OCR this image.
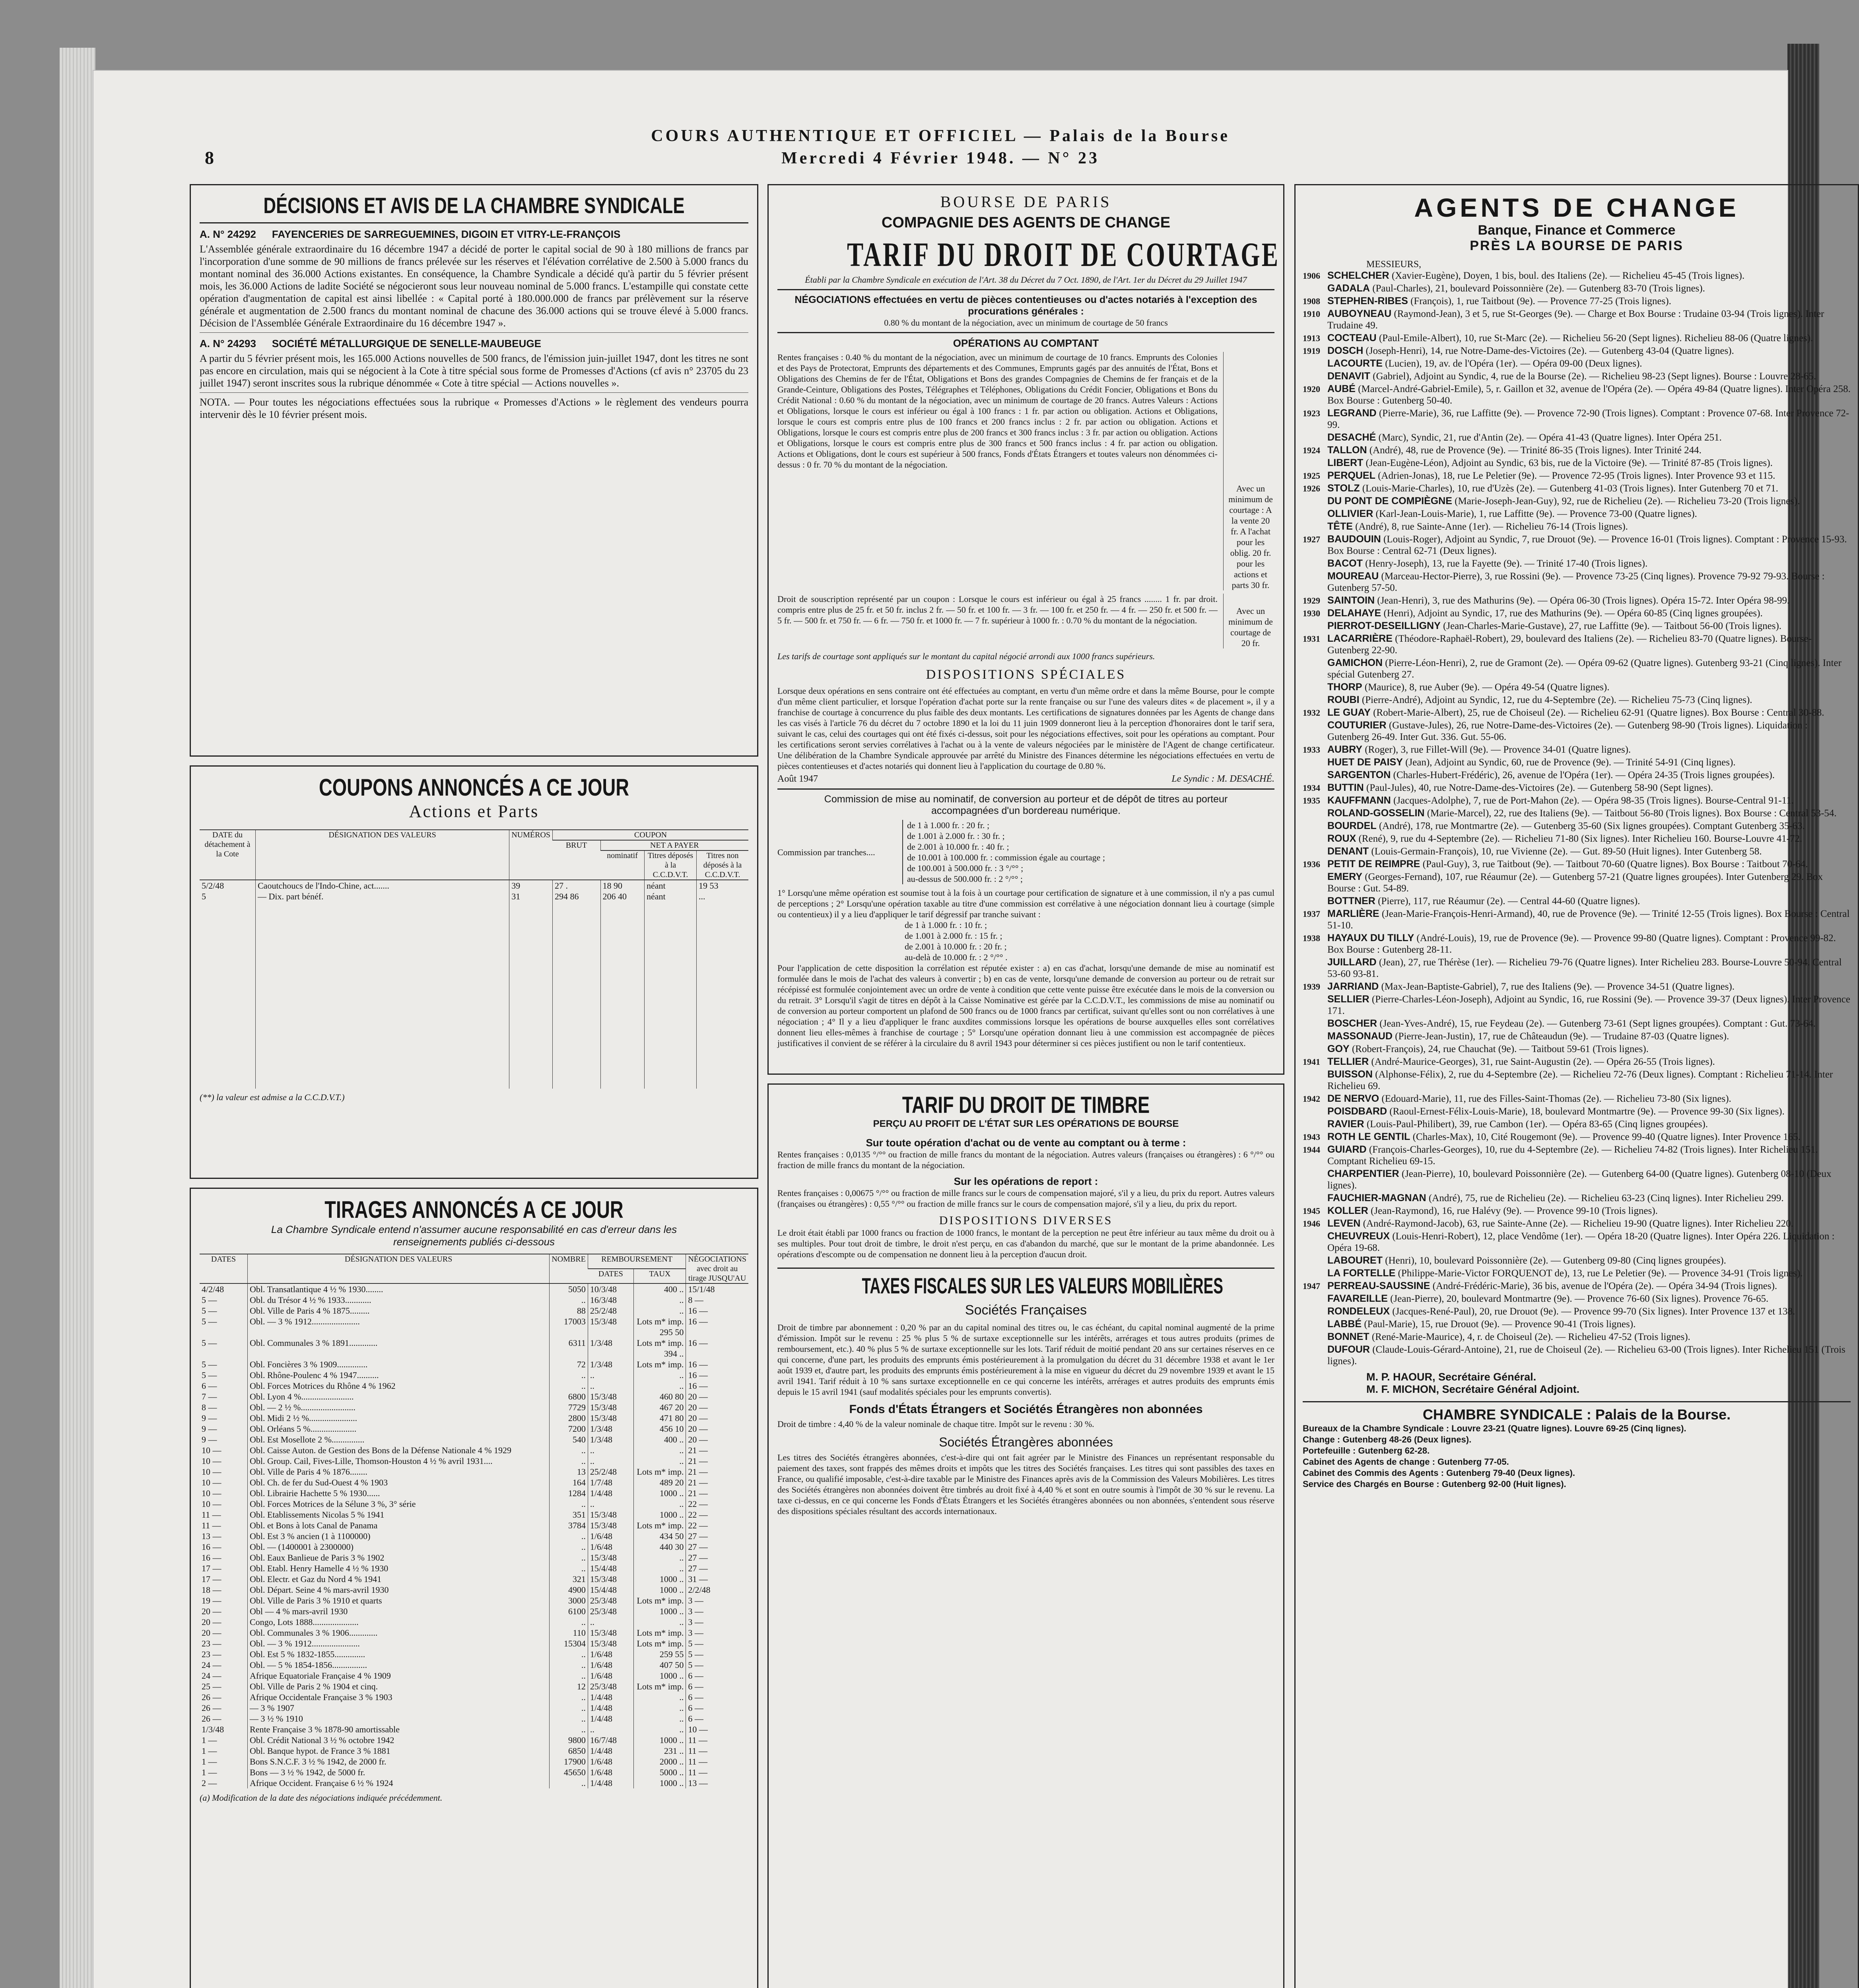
8
COURS AUTHENTIQUE ET OFFICIEL — Palais de la Bourse
Mercredi 4 Février 1948. — N° 23
DÉCISIONS ET AVIS DE LA CHAMBRE SYNDICALE
A. N° 24292 FAYENCERIES DE SARREGUEMINES, DIGOIN ET VITRY-LE-FRANÇOIS
L'Assemblée générale extraordinaire du 16 décembre 1947 a décidé de porter le capital social de 90 à 180 millions de francs par l'incorporation d'une somme de 90 millions de francs prélevée sur les réserves et l'élévation corrélative de 2.500 à 5.000 francs du montant nominal des 36.000 Actions existantes. En conséquence, la Chambre Syndicale a décidé qu'à partir du 5 février présent mois, les 36.000 Actions de ladite Société se négocieront sous leur nouveau nominal de 5.000 francs. L'estampille qui constate cette opération d'augmentation de capital est ainsi libellée : « Capital porté à 180.000.000 de francs par prélèvement sur la réserve générale et augmentation de 2.500 francs du montant nominal de chacune des 36.000 actions qui se trouve élevé à 5.000 francs. Décision de l'Assemblée Générale Extraordinaire du 16 décembre 1947 ».
A. N° 24293 SOCIÉTÉ MÉTALLURGIQUE DE SENELLE-MAUBEUGE
A partir du 5 février présent mois, les 165.000 Actions nouvelles de 500 francs, de l'émission juin-juillet 1947, dont les titres ne sont pas encore en circulation, mais qui se négocient à la Cote à titre spécial sous forme de Promesses d'Actions (cf avis n° 23705 du 23 juillet 1947) seront inscrites sous la rubrique dénommée « Cote à titre spécial — Actions nouvelles ».
NOTA. — Pour toutes les négociations effectuées sous la rubrique « Promesses d'Actions » le règlement des vendeurs pourra intervenir dès le 10 février présent mois.
COUPONS ANNONCÉS A CE JOUR
Actions et Parts
DATE du détachement à la Cote	DÉSIGNATION DES VALEURS	NUMÉROS	COUPON			
			BRUT	NET A PAYER		
				nominatif	Titres déposés à la C.C.D.V.T.	Titres non déposés à la C.C.D.V.T.
5/2/48	Caoutchoucs de l'Indo-Chine, act.......	39	27 .	18 90	néant	19 53
5	— Dix. part bénéf.	31	294 86	206 40	néant	...

(**) la valeur est admise a la C.C.D.V.T.)
TIRAGES ANNONCÉS A CE JOUR
La Chambre Syndicale entend n'assumer aucune responsabilité en cas d'erreur dans les renseignements publiés ci-dessous
DATES	DÉSIGNATION DES VALEURS	NOMBRE	REMBOURSEMENT		NÉGOCIATIONS avec droit au tirage JUSQU'AU
			DATES	TAUX	
4/2/48	Obl. Transatlantique 4 ½ % 1930........	5050	10/3/48	400 ..	15/1/48
5 —	Obl. du Trésor 4 ½ % 1933............	..	16/3/48	..	8 —
5 —	Obl. Ville de Paris 4 % 1875.........	88	25/2/48	..	16 —
5 —	Obl. — 3 % 1912......................	17003	15/3/48	Lots m* imp. 295 50	16 —
5 —	Obl. Communales 3 % 1891.............	6311	1/3/48	Lots m* imp. 394 ..	16 —
5 —	Obl. Foncières 3 % 1909..............	72	1/3/48	Lots m* imp.	16 —
5 —	Obl. Rhône-Poulenc 4 % 1947..........	..	..	..	16 —
6 —	Obl. Forces Motrices du Rhône 4 % 1962	..	..	..	16 —
7 —	Obl. Lyon 4 %........................	6800	15/3/48	460 80	20 —
8 —	Obl. — 2 ½ %.........................	7729	15/3/48	467 20	20 —
9 —	Obl. Midi 2 ½ %......................	2800	15/3/48	471 80	20 —
9 —	Obl. Orléans 5 %.....................	7200	1/3/48	456 10	20 —
9 —	Obl. Est Mosellote 2 %...............	540	1/3/48	400 ..	20 —
10 —	Obl. Caisse Auton. de Gestion des Bons de la Défense Nationale 4 % 1929	..	..	..	21 —
10 —	Obl. Group. Cail, Fives-Lille, Thomson-Houston 4 ½ % avril 1931....	..	..	..	21 —
10 —	Obl. Ville de Paris 4 % 1876........	13	25/2/48	Lots m* imp.	21 —
10 —	Obl. Ch. de fer du Sud-Ouest 4 % 1903	164	1/7/48	489 20	21 —
10 —	Obl. Librairie Hachette 5 % 1930......	1284	1/4/48	1000 ..	21 —
10 —	Obl. Forces Motrices de la Sélune 3 %, 3° série	..	..	..	22 —
11 —	Obl. Etablissements Nicolas 5 % 1941	351	15/3/48	1000 ..	22 —
11 —	Obl. et Bons à lots Canal de Panama	3784	15/3/48	Lots m* imp.	22 —
13 —	Obl. Est 3 % ancien (1 à 1100000)	..	1/6/48	434 50	27 —
16 —	Obl. — (1400001 à 2300000)	..	1/6/48	440 30	27 —
16 —	Obl. Eaux Banlieue de Paris 3 % 1902	..	15/3/48	..	27 —
17 —	Obl. Etabl. Henry Hamelle 4 ½ % 1930	..	15/4/48	..	27 —
17 —	Obl. Electr. et Gaz du Nord 4 % 1941	321	15/3/48	1000 ..	31 —
18 —	Obl. Départ. Seine 4 % mars-avril 1930	4900	15/4/48	1000 ..	2/2/48
19 —	Obl. Ville de Paris 3 % 1910 et quarts	3000	25/3/48	Lots m* imp.	3 —
20 —	Obl — 4 % mars-avril 1930	6100	25/3/48	1000 ..	3 —
20 —	Congo, Lots 1888.....................	..	..	..	3 —
20 —	Obl. Communales 3 % 1906.............	110	15/3/48	Lots m* imp.	3 —
23 —	Obl. — 3 % 1912......................	15304	15/3/48	Lots m* imp.	5 —
23 —	Obl. Est 5 % 1832-1855..............	..	1/6/48	259 55	5 —
24 —	Obl. — 5 % 1854-1856................	..	1/6/48	407 50	5 —
24 —	Afrique Equatoriale Française 4 % 1909	..	1/6/48	1000 ..	6 —
25 —	Obl. Ville de Paris 2 % 1904 et cinq.	12	25/3/48	Lots m* imp.	6 —
26 —	Afrique Occidentale Française 3 % 1903	..	1/4/48	..	6 —
26 —	— 3 % 1907	..	1/4/48	..	6 —
26 —	— 3 ½ % 1910	..	1/4/48	..	6 —
1/3/48	Rente Française 3 % 1878-90 amortissable	..	..	..	10 —
1 —	Obl. Crédit National 3 ½ % octobre 1942	9800	16/7/48	1000 ..	11 —
1 —	Obl. Banque hypot. de France 3 % 1881	6850	1/4/48	231 ..	11 —
1 —	Bons S.N.C.F. 3 ½ % 1942, de 2000 fr.	17900	1/6/48	2000 ..	11 —
1 —	Bons — 3 ½ % 1942, de 5000 fr.	45650	1/6/48	5000 ..	11 —
2 —	Afrique Occident. Française 6 ½ % 1924	..	1/4/48	1000 ..	13 —
(a) Modification de la date des négociations indiquée précédemment.
BOURSE DE PARIS
COMPAGNIE DES AGENTS DE CHANGE
TARIF DU DROIT DE COURTAGE
Établi par la Chambre Syndicale en exécution de l'Art. 38 du Décret du 7 Oct. 1890, de l'Art. 1er du Décret du 29 Juillet 1947
NÉGOCIATIONS effectuées en vertu de pièces contentieuses ou d'actes notariés à l'exception des procurations générales :
0.80 % du montant de la négociation, avec un minimum de courtage de 50 francs
OPÉRATIONS AU COMPTANT
Rentes françaises : 0.40 % du montant de la négociation, avec un minimum de courtage de 10 francs. Emprunts des Colonies et des Pays de Protectorat, Emprunts des départements et des Communes, Emprunts gagés par des annuités de l'État, Bons et Obligations des Chemins de fer de l'État, Obligations et Bons des grandes Compagnies de Chemins de fer français et de la Grande-Ceinture, Obligations des Postes, Télégraphes et Téléphones, Obligations du Crédit Foncier, Obligations et Bons du Crédit National : 0.60 % du montant de la négociation, avec un minimum de courtage de 20 francs. Autres Valeurs : Actions et Obligations, lorsque le cours est inférieur ou égal à 100 francs : 1 fr. par action ou obligation. Actions et Obligations, lorsque le cours est compris entre plus de 100 francs et 200 francs inclus : 2 fr. par action ou obligation. Actions et Obligations, lorsque le cours est compris entre plus de 200 francs et 300 francs inclus : 3 fr. par action ou obligation. Actions et Obligations, lorsque le cours est compris entre plus de 300 francs et 500 francs inclus : 4 fr. par action ou obligation. Actions et Obligations, dont le cours est supérieur à 500 francs, Fonds d'États Étrangers et toutes valeurs non dénommées ci-dessus : 0 fr. 70 % du montant de la négociation.
Avec un minimum de courtage : A la vente 20 fr. A l'achat pour les oblig. 20 fr. pour les actions et parts 30 fr.
Droit de souscription représenté par un coupon : Lorsque le cours est inférieur ou égal à 25 francs ........ 1 fr. par droit. compris entre plus de 25 fr. et 50 fr. inclus 2 fr. — 50 fr. et 100 fr. — 3 fr. — 100 fr. et 250 fr. — 4 fr. — 250 fr. et 500 fr. — 5 fr. — 500 fr. et 750 fr. — 6 fr. — 750 fr. et 1000 fr. — 7 fr. supérieur à 1000 fr. : 0.70 % du montant de la négociation.
Avec un minimum de courtage de 20 fr.
Les tarifs de courtage sont appliqués sur le montant du capital négocié arrondi aux 1000 francs supérieurs.
DISPOSITIONS SPÉCIALES
Lorsque deux opérations en sens contraire ont été effectuées au comptant, en vertu d'un même ordre et dans la même Bourse, pour le compte d'un même client particulier, et lorsque l'opération d'achat porte sur la rente française ou sur l'une des valeurs dites « de placement », il y a franchise de courtage à concurrence du plus faible des deux montants. Les certifications de signatures données par les Agents de change dans les cas visés à l'article 76 du décret du 7 octobre 1890 et la loi du 11 juin 1909 donneront lieu à la perception d'honoraires dont le tarif sera, suivant le cas, celui des courtages qui ont été fixés ci-dessus, soit pour les négociations effectives, soit pour les opérations au comptant. Pour les certifications seront servies corrélatives à l'achat ou à la vente de valeurs négociées par le ministère de l'Agent de change certificateur. Une délibération de la Chambre Syndicale approuvée par arrêté du Ministre des Finances détermine les négociations effectuées en vertu de pièces contentieuses et d'actes notariés qui donnent lieu à l'application du courtage de 0.80 %.
Août 1947	Le Syndic : M. DESACHÉ.
Commission de mise au nominatif, de conversion au porteur et de dépôt de titres au porteur accompagnées d'un bordereau numérique.
Commission par tranches....
de 1 à 1.000 fr. : 20 fr. ;
de 1.001 à 2.000 fr. : 30 fr. ;
de 2.001 à 10.000 fr. : 40 fr. ;
de 10.001 à 100.000 fr. : commission égale au courtage ;
de 100.001 à 500.000 fr. : 3 °/°° ;
au-dessus de 500.000 fr. : 2 °/°° ;
1° Lorsqu'une même opération est soumise tout à la fois à un courtage pour certification de signature et à une commission, il n'y a pas cumul de perceptions ; 2° Lorsqu'une opération taxable au titre d'une commission est corrélative à une négociation donnant lieu à courtage (simple ou contentieux) il y a lieu d'appliquer le tarif dégressif par tranche suivant :
de 1 à 1.000 fr. : 10 fr. ;
de 1.001 à 2.000 fr. : 15 fr. ;
de 2.001 à 10.000 fr. : 20 fr. ;
au-delà de 10.000 fr. : 2 °/°° .
Pour l'application de cette disposition la corrélation est réputée exister : a) en cas d'achat, lorsqu'une demande de mise au nominatif est formulée dans le mois de l'achat des valeurs à convertir ; b) en cas de vente, lorsqu'une demande de conversion au porteur ou de retrait sur récépissé est formulée conjointement avec un ordre de vente à condition que cette vente puisse être exécutée dans le mois de la conversion ou du retrait. 3° Lorsqu'il s'agit de titres en dépôt à la Caisse Nominative est gérée par la C.C.D.V.T., les commissions de mise au nominatif ou de conversion au porteur comportent un plafond de 500 francs ou de 1000 francs par certificat, suivant qu'elles sont ou non corrélatives à une négociation ; 4° Il y a lieu d'appliquer le franc auxdites commissions lorsque les opérations de bourse auxquelles elles sont corrélatives donnent lieu elles-mêmes à franchise de courtage ; 5° Lorsqu'une opération donnant lieu à une commission est accompagnée de pièces justificatives il convient de se référer à la circulaire du 8 avril 1943 pour déterminer si ces pièces justifient ou non le tarif contentieux.
TARIF DU DROIT DE TIMBRE
PERÇU AU PROFIT DE L'ÉTAT SUR LES OPÉRATIONS DE BOURSE
Sur toute opération d'achat ou de vente au comptant ou à terme :
Rentes françaises : 0,0135 °/°° ou fraction de mille francs du montant de la négociation. Autres valeurs (françaises ou étrangères) : 6 °/°° ou fraction de mille francs du montant de la négociation.
Sur les opérations de report :
Rentes françaises : 0,00675 °/°° ou fraction de mille francs sur le cours de compensation majoré, s'il y a lieu, du prix du report. Autres valeurs (françaises ou étrangères) : 0,55 °/°° ou fraction de mille francs sur le cours de compensation majoré, s'il y a lieu, du prix du report.
DISPOSITIONS DIVERSES
Le droit était établi par 1000 francs ou fraction de 1000 francs, le montant de la perception ne peut être inférieur au taux même du droit ou à ses multiples. Pour tout droit de timbre, le droit n'est perçu, en cas d'abandon du marché, que sur le montant de la prime abandonnée. Les opérations d'escompte ou de compensation ne donnent lieu à la perception d'aucun droit.
TAXES FISCALES SUR LES VALEURS MOBILIÈRES
Sociétés Françaises
Droit de timbre par abonnement : 0,20 % par an du capital nominal des titres ou, le cas échéant, du capital nominal augmenté de la prime d'émission. Impôt sur le revenu : 25 % plus 5 % de surtaxe exceptionnelle sur les intérêts, arrérages et tous autres produits (primes de remboursement, etc.). 40 % plus 5 % de surtaxe exceptionnelle sur les lots. Tarif réduit de moitié pendant 20 ans sur certaines réserves en ce qui concerne, d'une part, les produits des emprunts émis postérieurement à la promulgation du décret du 31 décembre 1938 et avant le 1er août 1939 et, d'autre part, les produits des emprunts émis postérieurement à la mise en vigueur du décret du 29 novembre 1939 et avant le 15 avril 1941. Tarif réduit à 10 % sans surtaxe exceptionnelle en ce qui concerne les intérêts, arrérages et autres produits des emprunts émis depuis le 15 avril 1941 (sauf modalités spéciales pour les emprunts convertis).
Fonds d'États Étrangers et Sociétés Étrangères non abonnées
Droit de timbre : 4,40 % de la valeur nominale de chaque titre. Impôt sur le revenu : 30 %.
Sociétés Étrangères abonnées
Les titres des Sociétés étrangères abonnées, c'est-à-dire qui ont fait agréer par le Ministre des Finances un représentant responsable du paiement des taxes, sont frappés des mêmes droits et impôts que les titres des Sociétés françaises. Les titres qui sont passibles des taxes en France, ou qualifié imposable, c'est-à-dire taxable par le Ministre des Finances après avis de la Commission des Valeurs Mobilières. Les titres des Sociétés étrangères non abonnées doivent être timbrés au droit fixé à 4,40 % et sont en outre soumis à l'impôt de 30 % sur le revenu. La taxe ci-dessus, en ce qui concerne les Fonds d'États Étrangers et les Sociétés étrangères abonnées ou non abonnées, s'entendent sous réserve des dispositions spéciales résultant des accords internationaux.
AGENTS DE CHANGE
Banque, Finance et Commerce
PRÈS LA BOURSE DE PARIS
MESSIEURS,
1906 SCHELCHER (Xavier-Eugène), Doyen, 1 bis, boul. des Italiens (2e). — Richelieu 45-45 (Trois lignes).
GADALA (Paul-Charles), 21, boulevard Poissonnière (2e). — Gutenberg 83-70 (Trois lignes).
1908 STEPHEN-RIBES (François), 1, rue Taitbout (9e). — Provence 77-25 (Trois lignes).
1910 AUBOYNEAU (Raymond-Jean), 3 et 5, rue St-Georges (9e). — Charge et Box Bourse : Trudaine 03-94 (Trois lignes). Inter Trudaine 49.
1913 COCTEAU (Paul-Emile-Albert), 10, rue St-Marc (2e). — Richelieu 56-20 (Sept lignes). Richelieu 88-06 (Quatre lignes).
1919 DOSCH (Joseph-Henri), 14, rue Notre-Dame-des-Victoires (2e). — Gutenberg 43-04 (Quatre lignes).
LACOURTE (Lucien), 19, av. de l'Opéra (1er). — Opéra 09-00 (Deux lignes).
DENAVIT (Gabriel), Adjoint au Syndic, 4, rue de la Bourse (2e). — Richelieu 98-23 (Sept lignes). Bourse : Louvre 28-65.
1920 AUBÉ (Marcel-André-Gabriel-Emile), 5, r. Gaillon et 32, avenue de l'Opéra (2e). — Opéra 49-84 (Quatre lignes). Inter Opéra 258. Box Bourse : Gutenberg 50-40.
1923 LEGRAND (Pierre-Marie), 36, rue Laffitte (9e). — Provence 72-90 (Trois lignes). Comptant : Provence 07-68. Inter Provence 72-99.
DESACHÉ (Marc), Syndic, 21, rue d'Antin (2e). — Opéra 41-43 (Quatre lignes). Inter Opéra 251.
1924 TALLON (André), 48, rue de Provence (9e). — Trinité 86-35 (Trois lignes). Inter Trinité 244.
LIBERT (Jean-Eugène-Léon), Adjoint au Syndic, 63 bis, rue de la Victoire (9e). — Trinité 87-85 (Trois lignes).
1925 PERQUEL (Adrien-Jonas), 18, rue Le Peletier (9e). — Provence 72-95 (Trois lignes). Inter Provence 93 et 115.
1926 STOLZ (Louis-Marie-Charles), 10, rue d'Uzès (2e). — Gutenberg 41-03 (Trois lignes). Inter Gutenberg 70 et 71.
DU PONT DE COMPIÈGNE (Marie-Joseph-Jean-Guy), 92, rue de Richelieu (2e). — Richelieu 73-20 (Trois lignes).
OLLIVIER (Karl-Jean-Louis-Marie), 1, rue Laffitte (9e). — Provence 73-00 (Quatre lignes).
TÊTE (André), 8, rue Sainte-Anne (1er). — Richelieu 76-14 (Trois lignes).
1927 BAUDOUIN (Louis-Roger), Adjoint au Syndic, 7, rue Drouot (9e). — Provence 16-01 (Trois lignes). Comptant : Provence 15-93. Box Bourse : Central 62-71 (Deux lignes).
BACOT (Henry-Joseph), 13, rue la Fayette (9e). — Trinité 17-40 (Trois lignes).
MOUREAU (Marceau-Hector-Pierre), 3, rue Rossini (9e). — Provence 73-25 (Cinq lignes). Provence 79-92 79-93. Bourse : Gutenberg 57-50.
1929 SAINTOIN (Jean-Henri), 3, rue des Mathurins (9e). — Opéra 06-30 (Trois lignes). Opéra 15-72. Inter Opéra 98-99.
1930 DELAHAYE (Henri), Adjoint au Syndic, 17, rue des Mathurins (9e). — Opéra 60-85 (Cinq lignes groupées).
PIERROT-DESEILLIGNY (Jean-Charles-Marie-Gustave), 27, rue Laffitte (9e). — Taitbout 56-00 (Trois lignes).
1931 LACARRIÈRE (Théodore-Raphaël-Robert), 29, boulevard des Italiens (2e). — Richelieu 83-70 (Quatre lignes). Bourse-Gutenberg 22-90.
GAMICHON (Pierre-Léon-Henri), 2, rue de Gramont (2e). — Opéra 09-62 (Quatre lignes). Gutenberg 93-21 (Cinq lignes). Inter spécial Gutenberg 27.
THORP (Maurice), 8, rue Auber (9e). — Opéra 49-54 (Quatre lignes).
ROUBI (Pierre-André), Adjoint au Syndic, 12, rue du 4-Septembre (2e). — Richelieu 75-73 (Cinq lignes).
1932 LE GUAY (Robert-Marie-Albert), 25, rue de Choiseul (2e). — Richelieu 62-91 (Quatre lignes). Box Bourse : Central 30-88.
COUTURIER (Gustave-Jules), 26, rue Notre-Dame-des-Victoires (2e). — Gutenberg 98-90 (Trois lignes). Liquidation : Gutenberg 26-49. Inter Gut. 336. Gut. 55-06.
1933 AUBRY (Roger), 3, rue Fillet-Will (9e). — Provence 34-01 (Quatre lignes).
HUET DE PAISY (Jean), Adjoint au Syndic, 60, rue de Provence (9e). — Trinité 54-91 (Cinq lignes).
SARGENTON (Charles-Hubert-Frédéric), 26, avenue de l'Opéra (1er). — Opéra 24-35 (Trois lignes groupées).
1934 BUTTIN (Paul-Jules), 40, rue Notre-Dame-des-Victoires (2e). — Gutenberg 58-90 (Sept lignes).
1935 KAUFFMANN (Jacques-Adolphe), 7, rue de Port-Mahon (2e). — Opéra 98-35 (Trois lignes). Bourse-Central 91-11.
ROLAND-GOSSELIN (Marie-Marcel), 22, rue des Italiens (9e). — Taitbout 56-80 (Trois lignes). Box Bourse : Central 53-54.
BOURDEL (André), 178, rue Montmartre (2e). — Gutenberg 35-60 (Six lignes groupées). Comptant Gutenberg 35-63.
ROUX (René), 9, rue du 4-Septembre (2e). — Richelieu 71-80 (Six lignes). Inter Richelieu 160. Bourse-Louvre 41-72.
DENANT (Louis-Germain-François), 10, rue Vivienne (2e). — Gut. 89-50 (Huit lignes). Inter Gutenberg 58.
1936 PETIT DE REIMPRE (Paul-Guy), 3, rue Taitbout (9e). — Taitbout 70-60 (Quatre lignes). Box Bourse : Taitbout 70-64.
EMERY (Georges-Fernand), 107, rue Réaumur (2e). — Gutenberg 57-21 (Quatre lignes groupées). Inter Gutenberg 29. Box Bourse : Gut. 54-89.
BOTTNER (Pierre), 117, rue Réaumur (2e). — Central 44-60 (Quatre lignes).
1937 MARLIÈRE (Jean-Marie-François-Henri-Armand), 40, rue de Provence (9e). — Trinité 12-55 (Trois lignes). Box Bourse : Central 51-10.
1938 HAYAUX DU TILLY (André-Louis), 19, rue de Provence (9e). — Provence 99-80 (Quatre lignes). Comptant : Provence 99-82. Box Bourse : Gutenberg 28-11.
JUILLARD (Jean), 27, rue Thérèse (1er). — Richelieu 79-76 (Quatre lignes). Inter Richelieu 283. Bourse-Louvre 50-94. Central 53-60 93-81.
1939 JARRIAND (Max-Jean-Baptiste-Gabriel), 7, rue des Italiens (9e). — Provence 34-51 (Quatre lignes).
SELLIER (Pierre-Charles-Léon-Joseph), Adjoint au Syndic, 16, rue Rossini (9e). — Provence 39-37 (Deux lignes). Inter Provence 171.
BOSCHER (Jean-Yves-André), 15, rue Feydeau (2e). — Gutenberg 73-61 (Sept lignes groupées). Comptant : Gut. 73-64.
MASSONAUD (Pierre-Jean-Justin), 17, rue de Châteaudun (9e). — Trudaine 87-03 (Quatre lignes).
GOY (Robert-François), 24, rue Chauchat (9e). — Taitbout 59-61 (Trois lignes).
1941 TELLIER (André-Maurice-Georges), 31, rue Saint-Augustin (2e). — Opéra 26-55 (Trois lignes).
BUISSON (Alphonse-Félix), 2, rue du 4-Septembre (2e). — Richelieu 72-76 (Deux lignes). Comptant : Richelieu 71-14. Inter Richelieu 69.
1942 DE NERVO (Edouard-Marie), 11, rue des Filles-Saint-Thomas (2e). — Richelieu 73-80 (Six lignes).
POISDBARD (Raoul-Ernest-Félix-Louis-Marie), 18, boulevard Montmartre (9e). — Provence 99-30 (Six lignes).
RAVIER (Louis-Paul-Philibert), 39, rue Cambon (1er). — Opéra 83-65 (Cinq lignes groupées).
1943 ROTH LE GENTIL (Charles-Max), 10, Cité Rougemont (9e). — Provence 99-40 (Quatre lignes). Inter Provence 165.
1944 GUIARD (François-Charles-Georges), 10, rue du 4-Septembre (2e). — Richelieu 74-82 (Trois lignes). Inter Richelieu 151. Comptant Richelieu 69-15.
CHARPENTIER (Jean-Pierre), 10, boulevard Poissonnière (2e). — Gutenberg 64-00 (Quatre lignes). Gutenberg 08-10 (Deux lignes).
FAUCHIER-MAGNAN (André), 75, rue de Richelieu (2e). — Richelieu 63-23 (Cinq lignes). Inter Richelieu 299.
1945 KOLLER (Jean-Raymond), 16, rue Halévy (9e). — Provence 99-10 (Trois lignes).
1946 LEVEN (André-Raymond-Jacob), 63, rue Sainte-Anne (2e). — Richelieu 19-90 (Quatre lignes). Inter Richelieu 220.
CHEUVREUX (Louis-Henri-Robert), 12, place Vendôme (1er). — Opéra 18-20 (Quatre lignes). Inter Opéra 226. Liquidation : Opéra 19-68.
LABOURET (Henri), 10, boulevard Poissonnière (2e). — Gutenberg 09-80 (Cinq lignes groupées).
LA FORTELLE (Philippe-Marie-Victor FORQUENOT de), 13, rue Le Peletier (9e). — Provence 34-91 (Trois lignes).
1947 PERREAU-SAUSSINE (André-Frédéric-Marie), 36 bis, avenue de l'Opéra (2e). — Opéra 34-94 (Trois lignes).
FAVAREILLE (Jean-Pierre), 20, boulevard Montmartre (9e). — Provence 76-60 (Six lignes). Provence 76-65.
RONDELEUX (Jacques-René-Paul), 20, rue Drouot (9e). — Provence 99-70 (Six lignes). Inter Provence 137 et 138.
LABBÉ (Paul-Marie), 15, rue Drouot (9e). — Provence 90-41 (Trois lignes).
BONNET (René-Marie-Maurice), 4, r. de Choiseul (2e). — Richelieu 47-52 (Trois lignes).
DUFOUR (Claude-Louis-Gérard-Antoine), 21, rue de Choiseul (2e). — Richelieu 63-00 (Trois lignes). Inter Richelieu 151 (Trois lignes).
M. P. HAOUR, Secrétaire Général.
M. F. MICHON, Secrétaire Général Adjoint.
CHAMBRE SYNDICALE : Palais de la Bourse.
Bureaux de la Chambre Syndicale : Louvre 23-21 (Quatre lignes). Louvre 69-25 (Cinq lignes).
Change : Gutenberg 48-26 (Deux lignes).
Portefeuille : Gutenberg 62-28.
Cabinet des Agents de change : Gutenberg 77-05.
Cabinet des Commis des Agents : Gutenberg 79-40 (Deux lignes).
Service des Chargés en Bourse : Gutenberg 92-00 (Huit lignes).
